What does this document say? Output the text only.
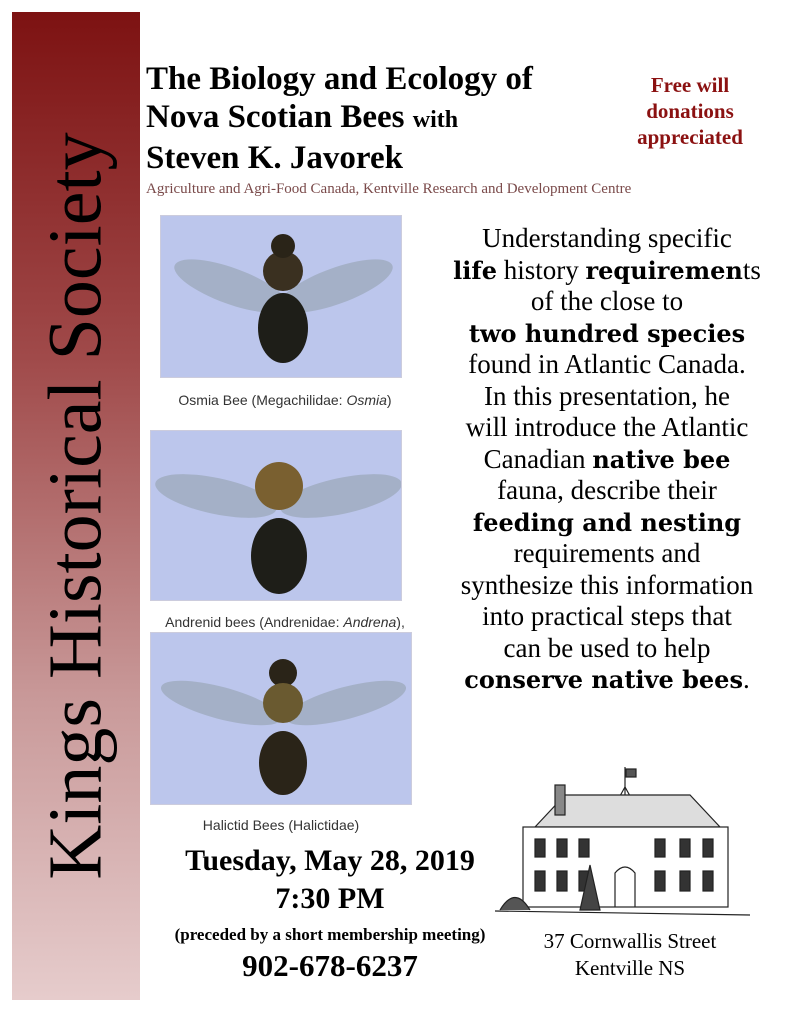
Kings Historical Society
The Biology and Ecology of
Nova Scotian Bees with
Steven K. Javorek
Agriculture and Agri-Food Canada, Kentville Research and Development Centre
Free will
donations
appreciated
Osmia Bee (Megachilidae: Osmia)
Andrenid bees (Andrenidae: Andrena),
Halictid Bees (Halictidae)
Understanding specific
life history requirements
of the close to
two hundred species
found in Atlantic Canada.
In this presentation, he
will introduce the Atlantic
Canadian native bee
fauna, describe their
feeding and nesting
requirements and
synthesize this information
into practical steps that
can be used to help
conserve native bees.
Tuesday, May 28, 2019
7:30 PM
(preceded by a short membership meeting)
902-678-6237
37 Cornwallis Street
Kentville NS
